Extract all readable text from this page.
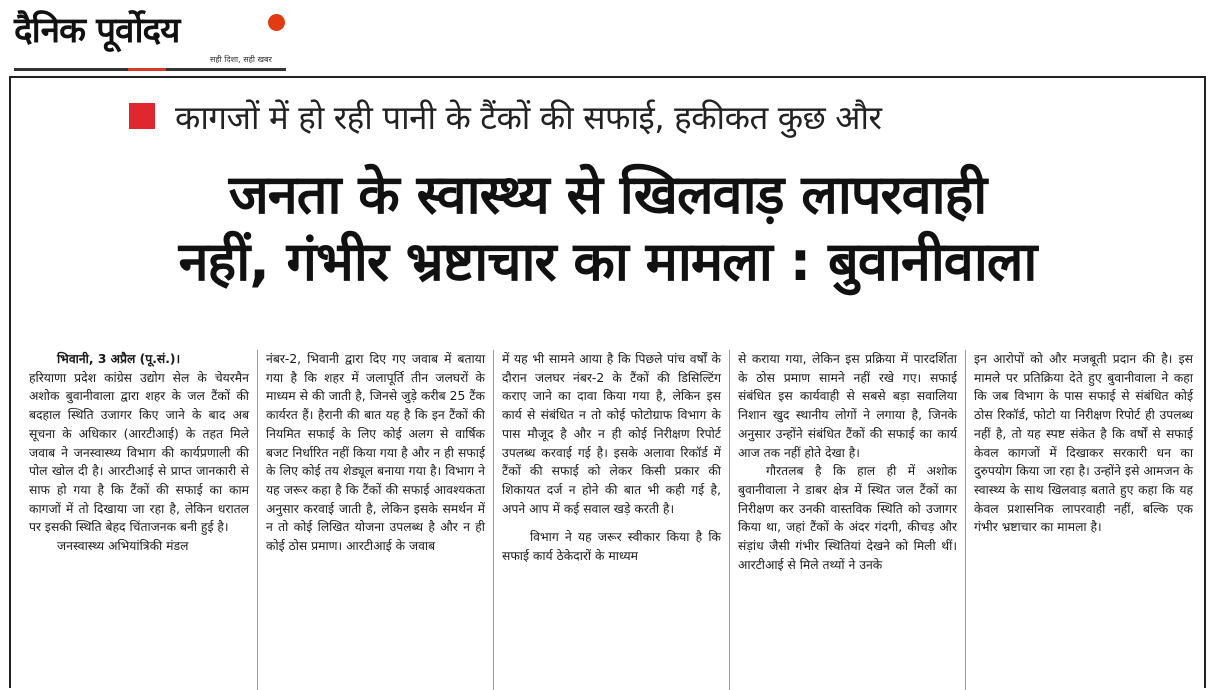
दैनिक पूर्वोदय
सही दिशा, सही खबर
कागजों में हो रही पानी के टैंकों की सफाई, हकीकत कुछ और
जनता के स्वास्थ्य से खिलवाड़ लापरवाही
नहीं, गंभीर भ्रष्टाचार का मामला : बुवानीवाला

भिवानी, 3 अप्रैल (पू.सं.)।

हरियाणा प्रदेश कांग्रेस उद्योग सेल के चेयरमैन अशोक बुवानीवाला द्वारा शहर के जल टैंकों की बदहाल स्थिति उजागर किए जाने के बाद अब सूचना के अधिकार (आरटीआई) के तहत मिले जवाब ने जनस्वास्थ्य विभाग की कार्यप्रणाली की पोल खोल दी है। आरटीआई से प्राप्त जानकारी से साफ हो गया है कि टैंकों की सफाई का काम कागजों में तो दिखाया जा रहा है, लेकिन धरातल पर इसकी स्थिति बेहद चिंताजनक बनी हुई है।

जनस्वास्थ्य अभियांत्रिकी मंडल

नंबर-2, भिवानी द्वारा दिए गए जवाब में बताया गया है कि शहर में जलापूर्ति तीन जलघरों के माध्यम से की जाती है, जिनसे जुड़े करीब 25 टैंक कार्यरत हैं। हैरानी की बात यह है कि इन टैंकों की नियमित सफाई के लिए कोई अलग से वार्षिक बजट निर्धारित नहीं किया गया है और न ही सफाई के लिए कोई तय शेड्यूल बनाया गया है। विभाग ने यह जरूर कहा है कि टैंकों की सफाई आवश्यकता अनुसार करवाई जाती है, लेकिन इसके समर्थन में न तो कोई लिखित योजना उपलब्ध है और न ही कोई ठोस प्रमाण। आरटीआई के जवाब

में यह भी सामने आया है कि पिछले पांच वर्षों के दौरान जलघर नंबर-2 के टैंकों की डिसिल्टिंग कराए जाने का दावा किया गया है, लेकिन इस कार्य से संबंधित न तो कोई फोटोग्राफ विभाग के पास मौजूद है और न ही कोई निरीक्षण रिपोर्ट उपलब्ध करवाई गई है। इसके अलावा रिकॉर्ड में टैंकों की सफाई को लेकर किसी प्रकार की शिकायत दर्ज न होने की बात भी कही गई है, अपने आप में कई सवाल खड़े करती है।

विभाग ने यह जरूर स्वीकार किया है कि सफाई कार्य ठेकेदारों के माध्यम

से कराया गया, लेकिन इस प्रक्रिया में पारदर्शिता के ठोस प्रमाण सामने नहीं रखे गए। सफाई संबंधित इस कार्यवाही से सबसे बड़ा सवालिया निशान खुद स्थानीय लोगों ने लगाया है, जिनके अनुसार उन्होंने संबंधित टैंकों की सफाई का कार्य आज तक नहीं होते देखा है।

गौरतलब है कि हाल ही में अशोक बुवानीवाला ने डाबर क्षेत्र में स्थित जल टैंकों का निरीक्षण कर उनकी वास्तविक स्थिति को उजागर किया था, जहां टैंकों के अंदर गंदगी, कीचड़ और संड़ांध जैसी गंभीर स्थितियां देखने को मिली थीं। आरटीआई से मिले तथ्यों ने उनके

इन आरोपों को और मजबूती प्रदान की है। इस मामले पर प्रतिक्रिया देते हुए बुवानीवाला ने कहा कि जब विभाग के पास सफाई से संबंधित कोई ठोस रिकॉर्ड, फोटो या निरीक्षण रिपोर्ट ही उपलब्ध नहीं है, तो यह स्पष्ट संकेत है कि वर्षों से सफाई केवल कागजों में दिखाकर सरकारी धन का दुरुपयोग किया जा रहा है। उन्होंने इसे आमजन के स्वास्थ्य के साथ खिलवाड़ बताते हुए कहा कि यह केवल प्रशासनिक लापरवाही नहीं, बल्कि एक गंभीर भ्रष्टाचार का मामला है।
